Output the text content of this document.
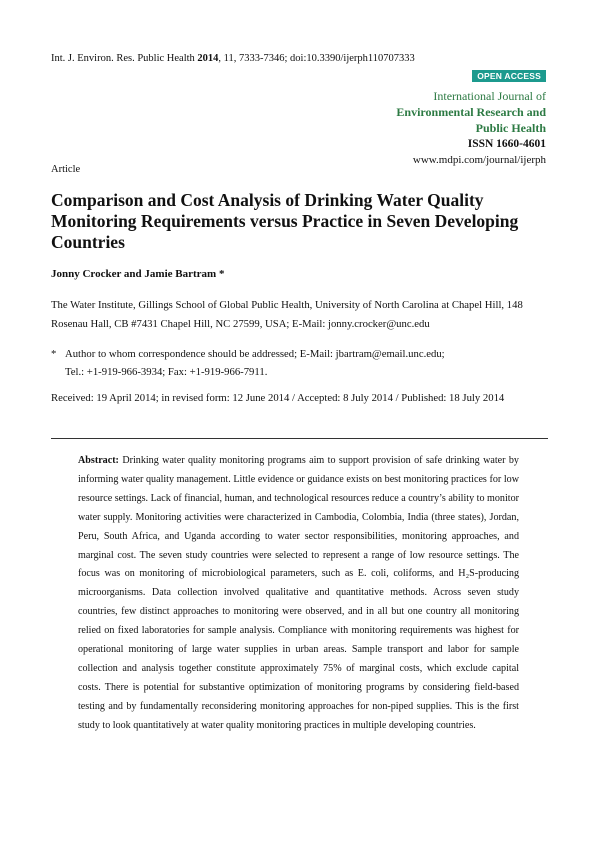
Int. J. Environ. Res. Public Health 2014, 11, 7333-7346; doi:10.3390/ijerph110707333
OPEN ACCESS
International Journal of
Environmental Research and
Public Health
ISSN 1660-4601
www.mdpi.com/journal/ijerph
Article
Comparison and Cost Analysis of Drinking Water Quality Monitoring Requirements versus Practice in Seven Developing Countries
Jonny Crocker and Jamie Bartram *
The Water Institute, Gillings School of Global Public Health, University of North Carolina at Chapel Hill, 148 Rosenau Hall, CB #7431 Chapel Hill, NC 27599, USA; E-Mail: jonny.crocker@unc.edu
* Author to whom correspondence should be addressed; E-Mail: jbartram@email.unc.edu;
Tel.: +1-919-966-3934; Fax: +1-919-966-7911.
Received: 19 April 2014; in revised form: 12 June 2014 / Accepted: 8 July 2014 / Published: 18 July 2014
Abstract: Drinking water quality monitoring programs aim to support provision of safe drinking water by informing water quality management. Little evidence or guidance exists on best monitoring practices for low resource settings. Lack of financial, human, and technological resources reduce a country’s ability to monitor water supply. Monitoring activities were characterized in Cambodia, Colombia, India (three states), Jordan, Peru, South Africa, and Uganda according to water sector responsibilities, monitoring approaches, and marginal cost. The seven study countries were selected to represent a range of low resource settings. The focus was on monitoring of microbiological parameters, such as E. coli, coliforms, and H₂S-producing microorganisms. Data collection involved qualitative and quantitative methods. Across seven study countries, few distinct approaches to monitoring were observed, and in all but one country all monitoring relied on fixed laboratories for sample analysis. Compliance with monitoring requirements was highest for operational monitoring of large water supplies in urban areas. Sample transport and labor for sample collection and analysis together constitute approximately 75% of marginal costs, which exclude capital costs. There is potential for substantive optimization of monitoring programs by considering field-based testing and by fundamentally reconsidering monitoring approaches for non-piped supplies. This is the first study to look quantitatively at water quality monitoring practices in multiple developing countries.
